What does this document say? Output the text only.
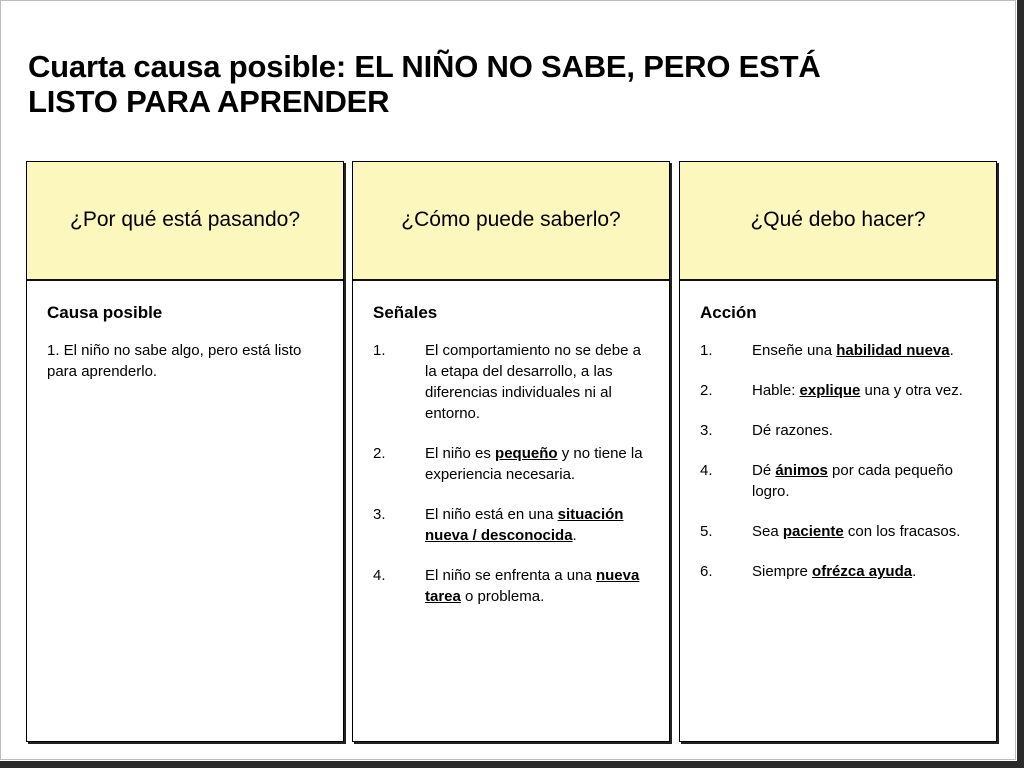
Cuarta causa posible: EL NIÑO NO SABE, PERO ESTÁ
LISTO PARA APRENDER
¿Por qué está pasando?
Causa posible

1. El niño no sabe algo, pero está listo para aprenderlo.

¿Cómo puede saberlo?
Señales
1.	El comportamiento no se debe a la etapa del desarrollo, a las diferencias individuales ni al entorno.
2.	El niño es pequeño y no tiene la experiencia necesaria.
3.	El niño está en una situación nueva / desconocida.
4.	El niño se enfrenta a una nueva tarea o problema.
¿Qué debo hacer?
Acción
1.	Enseñe una habilidad nueva.
2.	Hable: explique una y otra vez.
3.	Dé razones.
4.	Dé ánimos por cada pequeño logro.
5.	Sea paciente con los fracasos.
6.	Siempre ofrézca ayuda.
